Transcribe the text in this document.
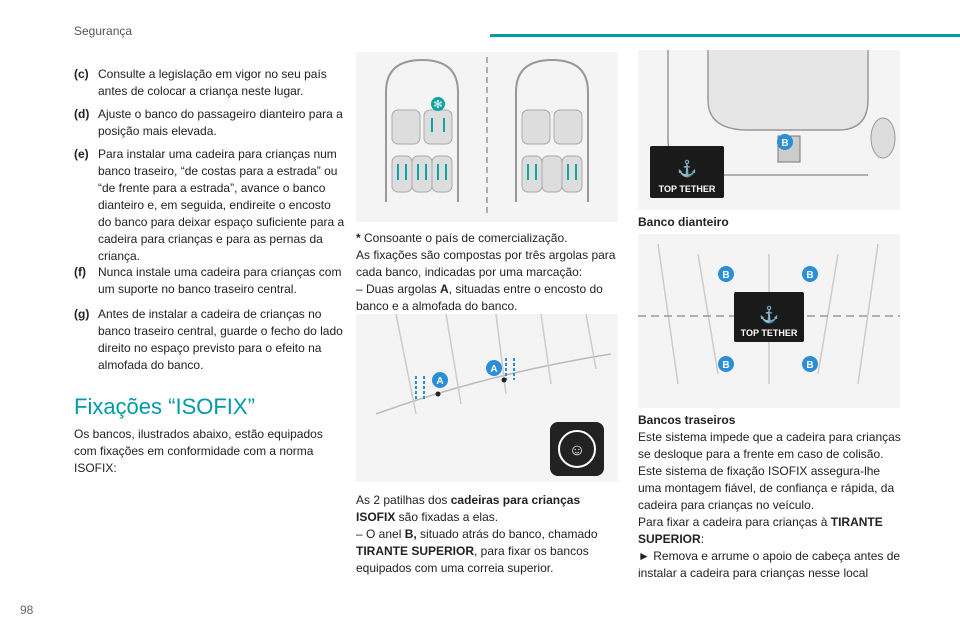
Segurança
(c) Consulte a legislação em vigor no seu país antes de colocar a criança neste lugar.
(d) Ajuste o banco do passageiro dianteiro para a posição mais elevada.
(e) Para instalar uma cadeira para crianças num banco traseiro, “de costas para a estrada” ou “de frente para a estrada”, avance o banco dianteiro e, em seguida, endireite o encosto do banco para deixar espaço suficiente para a cadeira para crianças e para as pernas da criança.
(f) Nunca instale uma cadeira para crianças com um suporte no banco traseiro central.
(g) Antes de instalar a cadeira de crianças no banco traseiro central, guarde o fecho do lado direito no espaço previsto para o efeito na almofada do banco.
Fixações “ISOFIX”
Os bancos, ilustrados abaixo, estão equipados com fixações em conformidade com a norma ISOFIX:
✻
* Consoante o país de comercialização.
As fixações são compostas por três argolas para cada banco, indicadas por uma marcação:
– Duas argolas A, situadas entre o encosto do banco e a almofada do banco.
A
A
☺
As 2 patilhas dos cadeiras para crianças ISOFIX são fixadas a elas.
– O anel B, situado atrás do banco, chamado TIRANTE SUPERIOR, para fixar os bancos equipados com uma correia superior.
B
⚓
TOP TETHER
Banco dianteiro
B	B
B	B
⚓
TOP TETHER
Bancos traseiros
Este sistema impede que a cadeira para crianças se desloque para a frente em caso de colisão.
Este sistema de fixação ISOFIX assegura-lhe uma montagem fiável, de confiança e rápida, da cadeira para crianças no veículo.
Para fixar a cadeira para crianças à TIRANTE SUPERIOR:
► Remova e arrume o apoio de cabeça antes de instalar a cadeira para crianças nesse local
98
